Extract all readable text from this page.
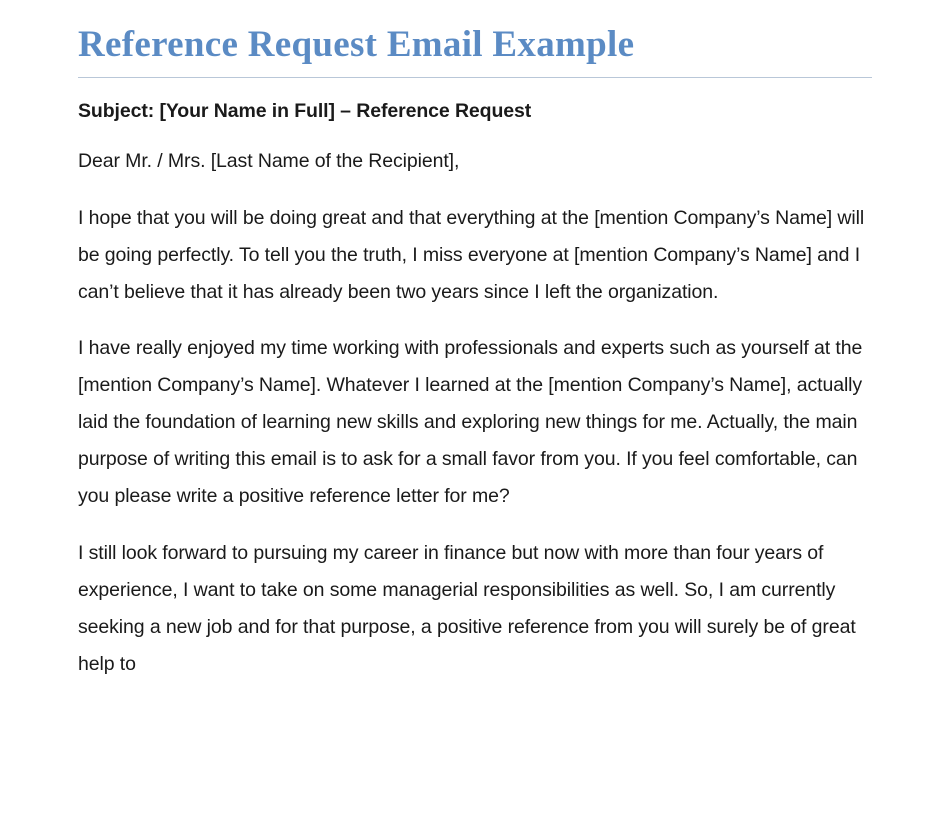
Reference Request Email Example

Subject: [Your Name in Full] – Reference Request

Dear Mr. / Mrs. [Last Name of the Recipient],

I hope that you will be doing great and that everything at the [mention Company’s Name] will be going perfectly. To tell you the truth, I miss everyone at [mention Company’s Name] and I can’t believe that it has already been two years since I left the organization.

I have really enjoyed my time working with professionals and experts such as yourself at the [mention Company’s Name]. Whatever I learned at the [mention Company’s Name], actually laid the foundation of learning new skills and exploring new things for me. Actually, the main purpose of writing this email is to ask for a small favor from you. If you feel comfortable, can you please write a positive reference letter for me?

I still look forward to pursuing my career in finance but now with more than four years of experience, I want to take on some managerial responsibilities as well. So, I am currently seeking a new job and for that purpose, a positive reference from you will surely be of great help to
